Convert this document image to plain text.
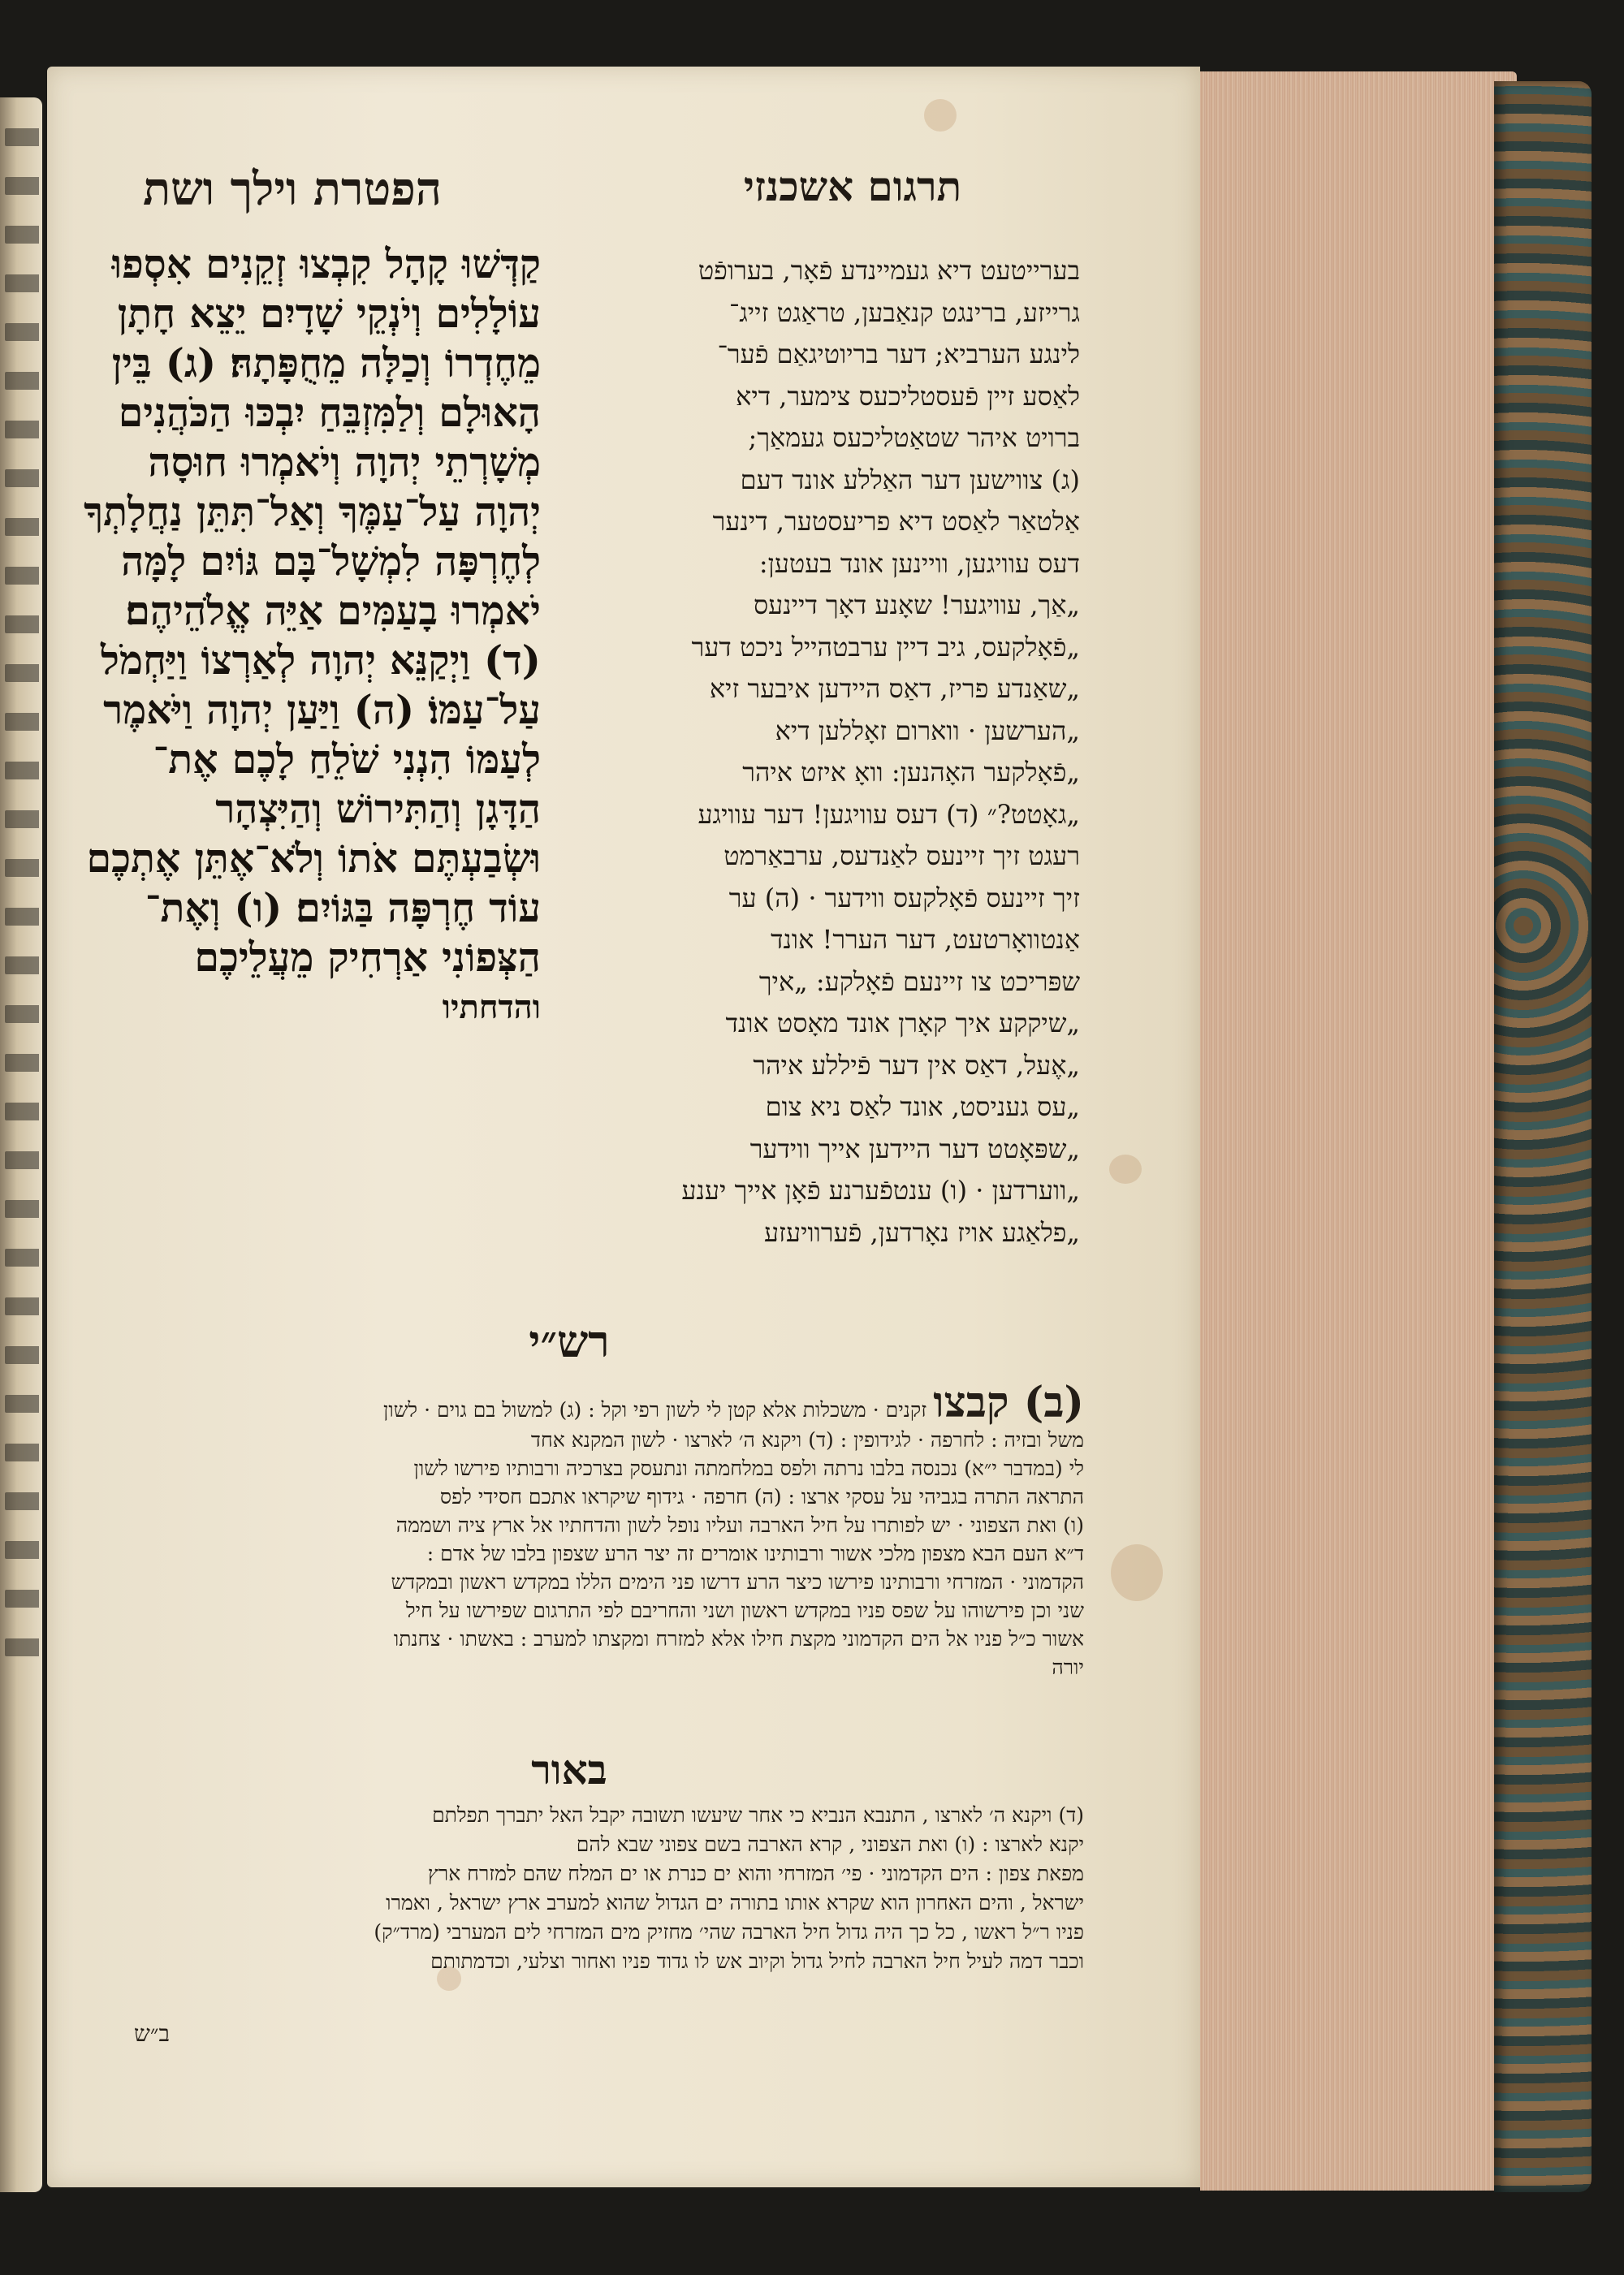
הפטרת וילך ושת	תרגום אשכנזי

קַדְּשׁוּ קָהָל קִבְצוּ זְקֵנִים אִסְפוּ

עוֹלָלִים וְיֹנְקֵי שָׁדָיִם יֵצֵא חָתָן

מֵחֶדְרוֹ וְכַלָּה מֵחֻפָּתָהּ׃ (ג) בֵּין

הָאוּלָם וְלַמִּזְבֵּחַ יִבְכּוּ הַכֹּהֲנִים

מְשָׁרְתֵי יְהוָה וְיֹאמְרוּ חוּסָה

יְהוָה עַל־עַמֶּךָ וְאַל־תִּתֵּן נַחֲלָתְךָ

לְחֶרְפָּה לִמְשָׁל־בָּם גּוֹיִם לָמָּה

יֹאמְרוּ בָעַמִּים אַיֵּה אֱלֹהֵיהֶם׃

(ד) וַיְקַנֵּא יְהוָה לְאַרְצוֹ וַיַּחְמֹל

עַל־עַמּוֹ׃ (ה) וַיַּעַן יְהוָה וַיֹּאמֶר

לְעַמּוֹ הִנְנִי שֹׁלֵחַ לָכֶם אֶת־

הַדָּגָן וְהַתִּירוֹשׁ וְהַיִּצְהָר

וּשְׂבַעְתֶּם אֹתוֹ וְלֹא־אֶתֵּן אֶתְכֶם

עוֹד חֶרְפָּה בַּגּוֹיִם׃ (ו) וְאֶת־

הַצְּפוֹנִי אַרְחִיק מֵעֲלֵיכֶם

והדחתיו

בערייטעט דיא געמיינדע פֿאָר, בערופֿט

גרייזע, ברינגט קנאַבען, טראַגט זייג־

לינגע הערביא; דער בריוטיגאַם פֿער־

לאַסע זיין פֿעסטליכעס צימער, דיא

ברויט איהר שטאַטליכעס געמאַך;

(ג) צווישען דער האַללע אונד דעם

אַלטאַר לאַסט דיא פריעסטער, דינער

דעס עוויגען, וויינען אונד בעטען:

„אַך, עוויגער! שאָנע דאָך דיינעס

„פֿאָלקעס, גיב דיין ערבטהייל ניכט דער

„שאַנדע פריז, דאַס היידען איבער זיא

„הערשען · ווארום זאָללען דיא

„פֿאָלקער האָהנען: וואָ איזט איהר

„גאָטט?״ (ד) דעס עוויגען! דער עוויגע

רעגט זיך זיינעס לאַנדעס, ערבאַרמט

זיך זיינעס פֿאָלקעס ווידער · (ה) ער

אַנטוואָרטעט, דער הערר! אונד

שפּריכט צו זיינעם פֿאָלקע: „איך

„שיקקע איך קאָרן אונד מאָסט אונד

„אֶעל, דאַס אין דער פֿיללע איהר

„עס געניסט, אונד לאַס ניא צום

„שפּאָטט דער היידען אייך ווידער

„ווערדען · (ו) ענטפֿערנע פֿאָן אייך יענע

„פלאַגע אויז נאָרדען, פֿערוויעזע

רש״י

(ב) קבצו זקנים · משכלות אלא קטן לי לשון רפי וקל : (ג) למשול בם גוים · לשון

משל ובזיה : לחרפה · לגידופין : (ד) ויקנא ה׳ לארצו · לשון המקנא אחד

לי (במדבר י״א) נכנסה בלבו נרתה ולפס במלחמתה ונתעסק בצרכיה ורבותיו פירשו לשון

התראה התרה בגביהי על עסקי ארצו : (ה) חרפה · גידוף שיקראו אתכם חסידי לפס

(ו) ואת הצפוני · יש לפותרו על חיל הארבה ועליו נופל לשון והדחתיו אל ארץ ציה ושממה

ד״א העם הבא מצפון מלכי אשור ורבותינו אומרים זה יצר הרע שצפון בלבו של אדם :

הקדמוני · המזרחי ורבותינו פירשו כיצר הרע דרשו פני הימים הללו במקדש ראשון ובמקדש

שני וכן פירשוהו על שפס פניו במקדש ראשון ושני והחריבם לפי התרגום שפירשו על חיל

אשור כ״ל פניו אל הים הקדמוני מקצת חילו אלא למזרח ומקצתו למערב : באשתו · צחנתו

יורה

באור

(ד) ויקנא ה׳ לארצו , התנבא הנביא כי אחר שיעשו תשובה יקבל האל יתברך תפלתם

יקנא לארצו : (ו) ואת הצפוני , קרא הארבה בשם צפוני שבא להם

מפאת צפון : הים הקדמוני · פי׳ המזרחי והוא ים כנרת או ים המלח שהם למזרח ארץ

ישראל , והים האחרון הוא שקרא אותו בתורה ים הגדול שהוא למערב ארץ ישראל , ואמרו

פניו ר״ל ראשו , כל כך היה גדול חיל הארבה שהי׳ מחזיק מים המזרחי לים המערבי (מרד״ק)

וכבר דמה לעיל חיל הארבה לחיל גדול וקיוב אש לו גדוד פניו ואחור וצלעי, וכדמתותם

ב״ש
